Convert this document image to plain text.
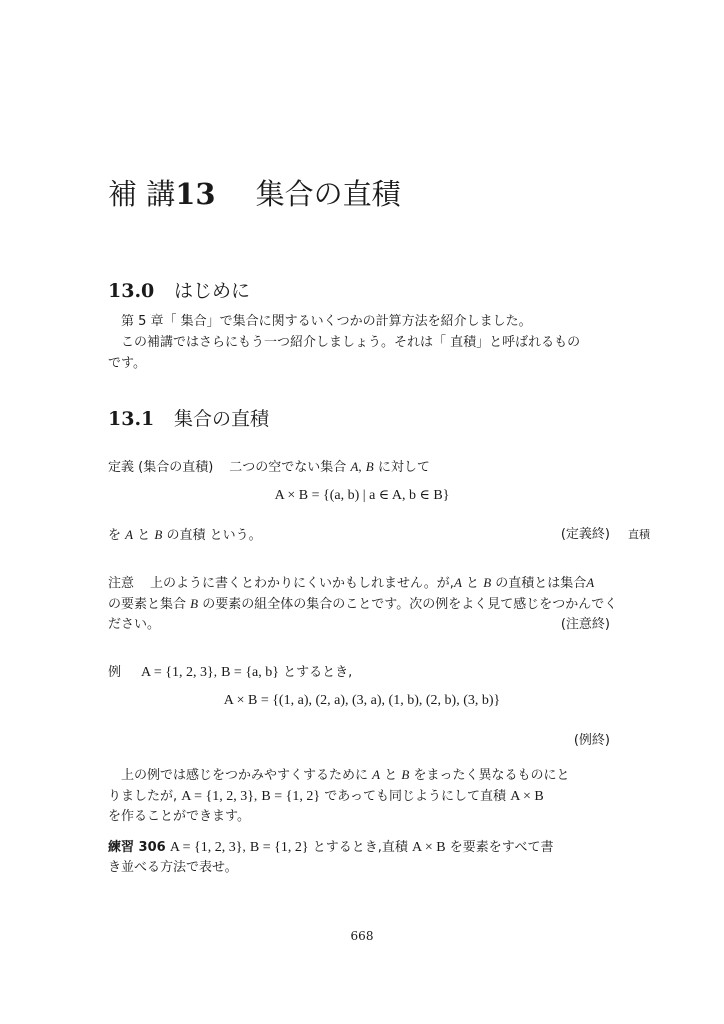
補 講13 集合の直積
13.0 はじめに
第 5 章「 集合」で集合に関するいくつかの計算方法を紹介しました。
この補講ではさらにもう一つ紹介しましょう。それは「 直積」と呼ばれるもの
です。
13.1 集合の直積
定義 (集合の直積) 二つの空でない集合 A, B に対して
A × B = {(a, b) | a ∈ A, b ∈ B}
を A と B の直積 という。	(定義終) 直積
注意 上のように書くとわかりにくいかもしれません。が,A と B の直積とは集合A
の要素と集合 B の要素の組全体の集合のことです。次の例をよく見て感じをつかんでく
ださい。	(注意終)
例 A = {1, 2, 3}, B = {a, b} とするとき,
A × B = {(1, a), (2, a), (3, a), (1, b), (2, b), (3, b)}
(例終)
上の例では感じをつかみやすくするために A と B をまったく異なるものにと
りましたが, A = {1, 2, 3}, B = {1, 2} であっても同じようにして直積 A × B
を作ることができます。
練習 306 A = {1, 2, 3}, B = {1, 2} とするとき,直積 A × B を要素をすべて書
き並べる方法で表せ。
668
